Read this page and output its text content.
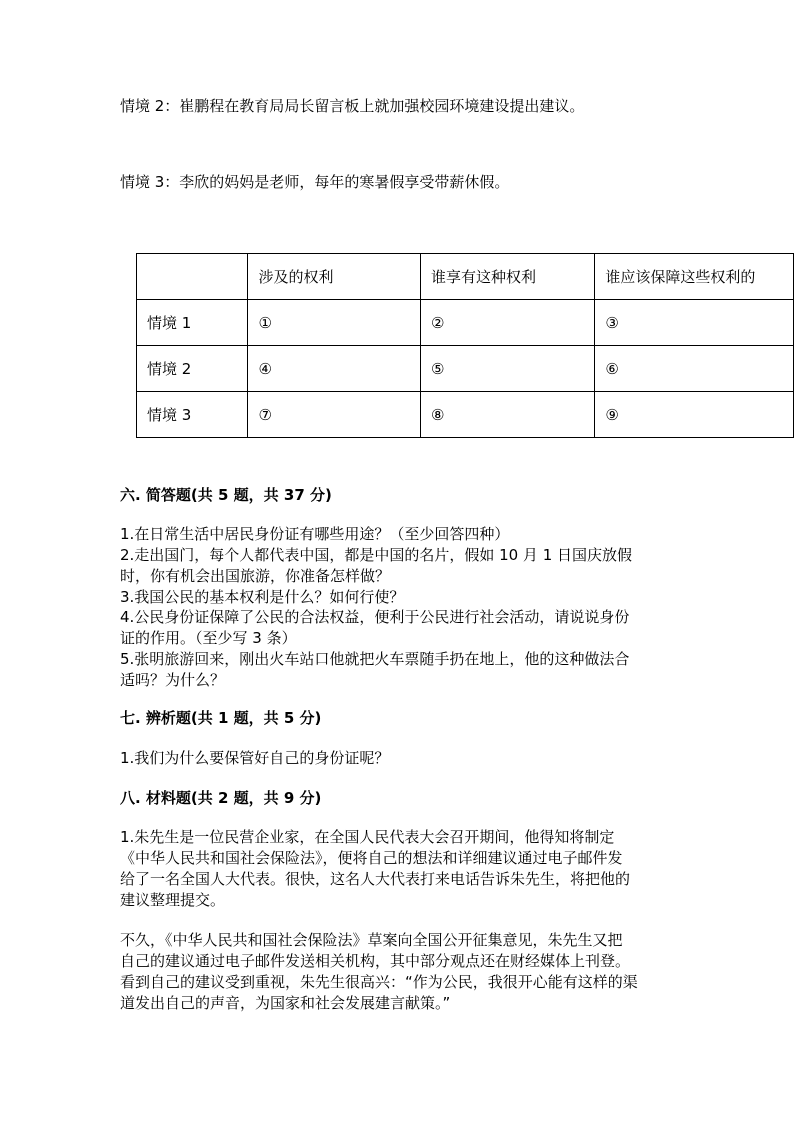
情境 2：崔鹏程在教育局局长留言板上就加强校园环境建设提出建议。
情境 3：李欣的妈妈是老师，每年的寒暑假享受带薪休假。
	涉及的权利	谁享有这种权利	谁应该保障这些权利的
情境 1	①	②	③
情境 2	④	⑤	⑥
情境 3	⑦	⑧	⑨
六. 简答题(共 5 题，共 37 分)
1.在日常生活中居民身份证有哪些用途？（至少回答四种）
2.走出国门，每个人都代表中国，都是中国的名片，假如 10 月 1 日国庆放假
时，你有机会出国旅游，你准备怎样做？
3.我国公民的基本权利是什么？如何行使？
4.公民身份证保障了公民的合法权益，便利于公民进行社会活动，请说说身份
证的作用。（至少写 3 条）
5.张明旅游回来，刚出火车站口他就把火车票随手扔在地上，他的这种做法合
适吗？为什么？
七. 辨析题(共 1 题，共 5 分)
1.我们为什么要保管好自己的身份证呢？
八. 材料题(共 2 题，共 9 分)
1.朱先生是一位民营企业家，在全国人民代表大会召开期间，他得知将制定
《中华人民共和国社会保险法》，便将自己的想法和详细建议通过电子邮件发
给了一名全国人大代表。很快，这名人大代表打来电话告诉朱先生，将把他的
建议整理提交。
不久，《中华人民共和国社会保险法》草案向全国公开征集意见，朱先生又把
自己的建议通过电子邮件发送相关机构，其中部分观点还在财经媒体上刊登。
看到自己的建议受到重视，朱先生很高兴：“作为公民，我很开心能有这样的渠
道发出自己的声音，为国家和社会发展建言献策。”
